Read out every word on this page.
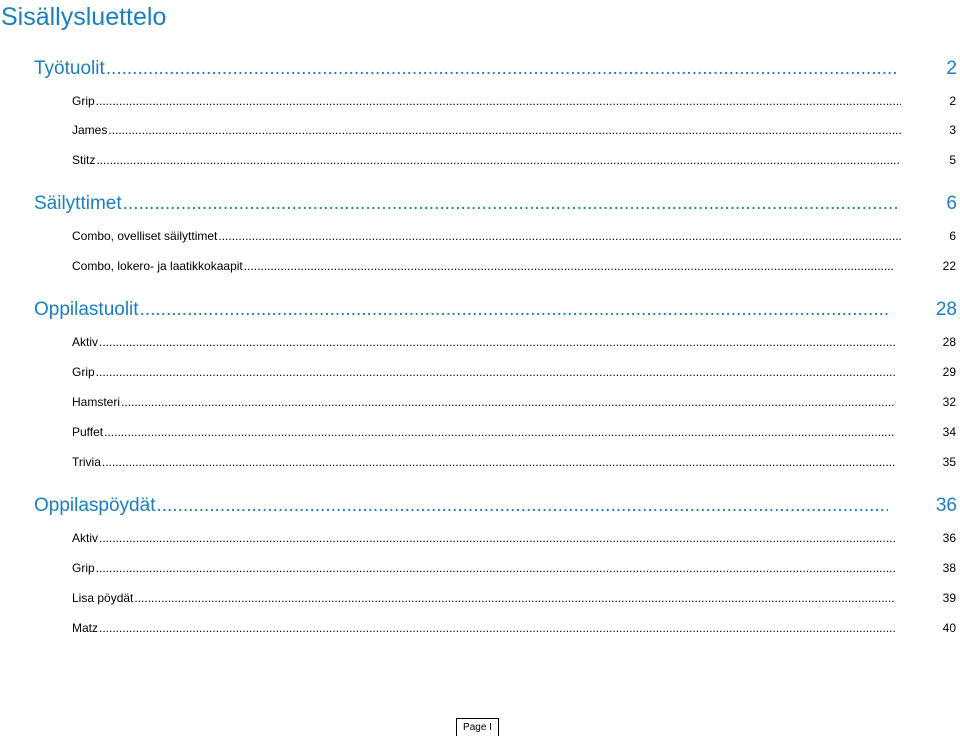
Sisällysluettelo
Työtuolit .....	2
Grip .....	2
James .....	3
Stitz .....	5
Säilyttimet .....	6
Combo, ovelliset säilyttimet .....	6
Combo, lokero- ja laatikkokaapit .....	22
Oppilastuolit .....	28
Aktiv .....	28
Grip .....	29
Hamsteri .....	32
Puffet .....	34
Trivia .....	35
Oppilaspöydät .....	36
Aktiv .....	36
Grip .....	38
Lisa pöydät .....	39
Matz .....	40
Page I
